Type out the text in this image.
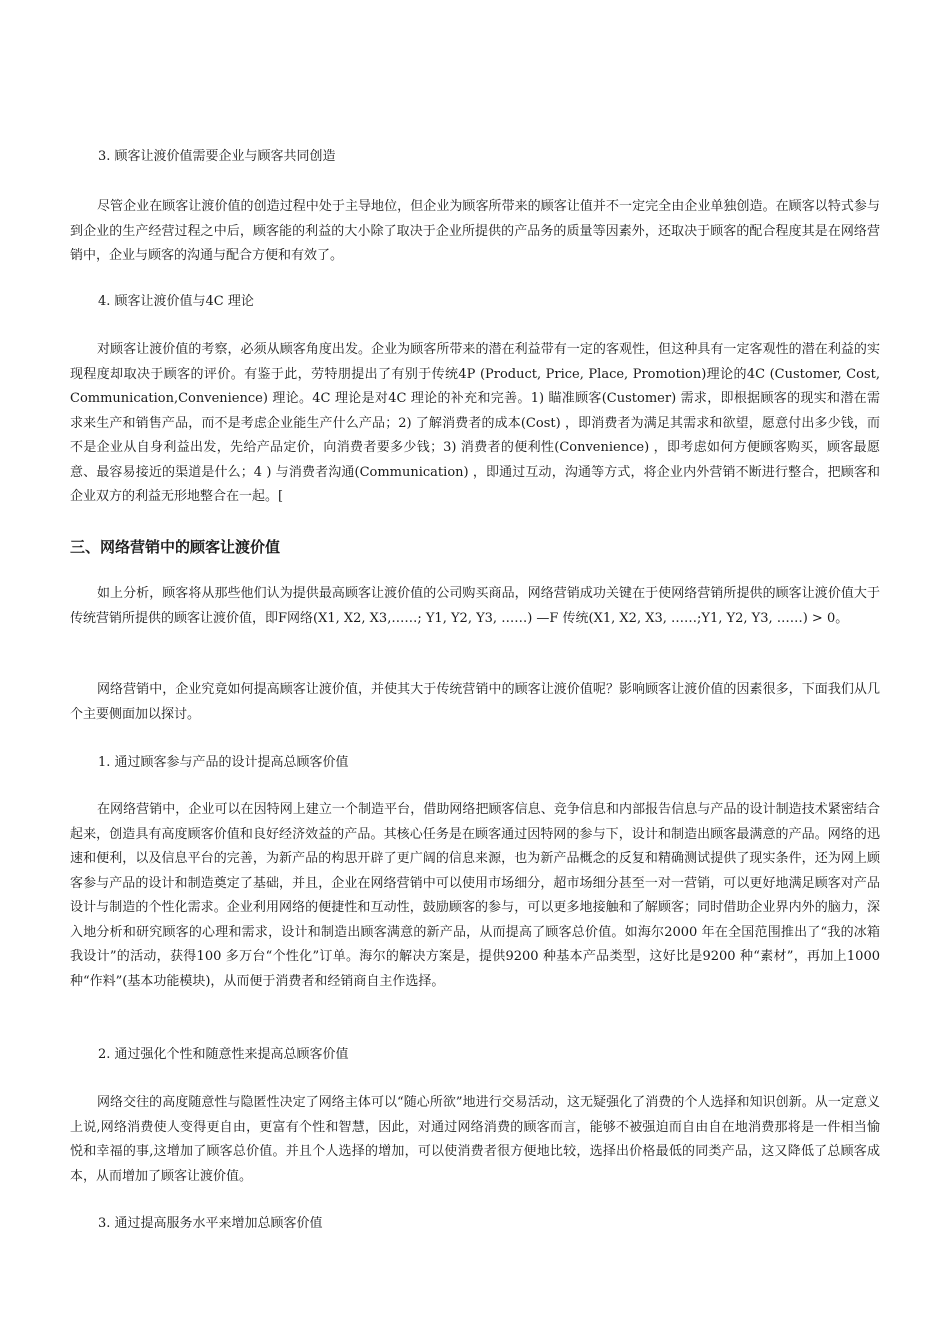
3. 顾客让渡价值需要企业与顾客共同创造

尽管企业在顾客让渡价值的创造过程中处于主导地位，但企业为顾客所带来的顾客让值并不一定完全由企业单独创造。在顾客以特式参与到企业的生产经营过程之中后，顾客能的利益的大小除了取决于企业所提供的产品务的质量等因素外，还取决于顾客的配合程度其是在网络营销中，企业与顾客的沟通与配合方便和有效了。

4. 顾客让渡价值与4C 理论

对顾客让渡价值的考察，必须从顾客角度出发。企业为顾客所带来的潜在利益带有一定的客观性，但这种具有一定客观性的潜在利益的实现程度却取决于顾客的评价。有鉴于此，劳特朋提出了有别于传统4P (Product, Price, Place, Promotion)理论的4C (Customer, Cost, Communication,Convenience) 理论。4C 理论是对4C 理论的补充和完善。1) 瞄准顾客(Customer) 需求，即根据顾客的现实和潜在需求来生产和销售产品，而不是考虑企业能生产什么产品；2) 了解消费者的成本(Cost) ，即消费者为满足其需求和欲望，愿意付出多少钱，而不是企业从自身利益出发，先给产品定价，向消费者要多少钱；3) 消费者的便利性(Convenience) ，即考虑如何方便顾客购买，顾客最愿意、最容易接近的渠道是什么；4 ) 与消费者沟通(Communication) ，即通过互动，沟通等方式，将企业内外营销不断进行整合，把顾客和企业双方的利益无形地整合在一起。[

三、网络营销中的顾客让渡价值

如上分析，顾客将从那些他们认为提供最高顾客让渡价值的公司购买商品，网络营销成功关键在于使网络营销所提供的顾客让渡价值大于传统营销所提供的顾客让渡价值，即F网络(X1, X2, X3,……; Y1, Y2, Y3, ……) —F 传统(X1, X2, X3, ……;Y1, Y2, Y3, ……) > 0。

网络营销中，企业究竟如何提高顾客让渡价值，并使其大于传统营销中的顾客让渡价值呢？影响顾客让渡价值的因素很多，下面我们从几个主要侧面加以探讨。

1. 通过顾客参与产品的设计提高总顾客价值

在网络营销中，企业可以在因特网上建立一个制造平台，借助网络把顾客信息、竞争信息和内部报告信息与产品的设计制造技术紧密结合起来，创造具有高度顾客价值和良好经济效益的产品。其核心任务是在顾客通过因特网的参与下，设计和制造出顾客最满意的产品。网络的迅速和便利，以及信息平台的完善，为新产品的构思开辟了更广阔的信息来源，也为新产品概念的反复和精确测试提供了现实条件，还为网上顾客参与产品的设计和制造奠定了基础，并且，企业在网络营销中可以使用市场细分，超市场细分甚至一对一营销，可以更好地满足顾客对产品设计与制造的个性化需求。企业利用网络的便捷性和互动性，鼓励顾客的参与，可以更多地接触和了解顾客；同时借助企业界内外的脑力，深入地分析和研究顾客的心理和需求，设计和制造出顾客满意的新产品，从而提高了顾客总价值。如海尔2000 年在全国范围推出了“我的冰箱我设计”的活动，获得100 多万台“个性化”订单。海尔的解决方案是，提供9200 种基本产品类型，这好比是9200 种“素材”，再加上1000 种“作料”(基本功能模块)，从而便于消费者和经销商自主作选择。

2. 通过强化个性和随意性来提高总顾客价值

网络交往的高度随意性与隐匿性决定了网络主体可以“随心所欲”地进行交易活动，这无疑强化了消费的个人选择和知识创新。从一定意义上说,网络消费使人变得更自由，更富有个性和智慧，因此，对通过网络消费的顾客而言，能够不被强迫而自由自在地消费那将是一件相当愉悦和幸福的事,这增加了顾客总价值。并且个人选择的增加，可以使消费者很方便地比较，选择出价格最低的同类产品，这又降低了总顾客成本，从而增加了顾客让渡价值。

3. 通过提高服务水平来增加总顾客价值
